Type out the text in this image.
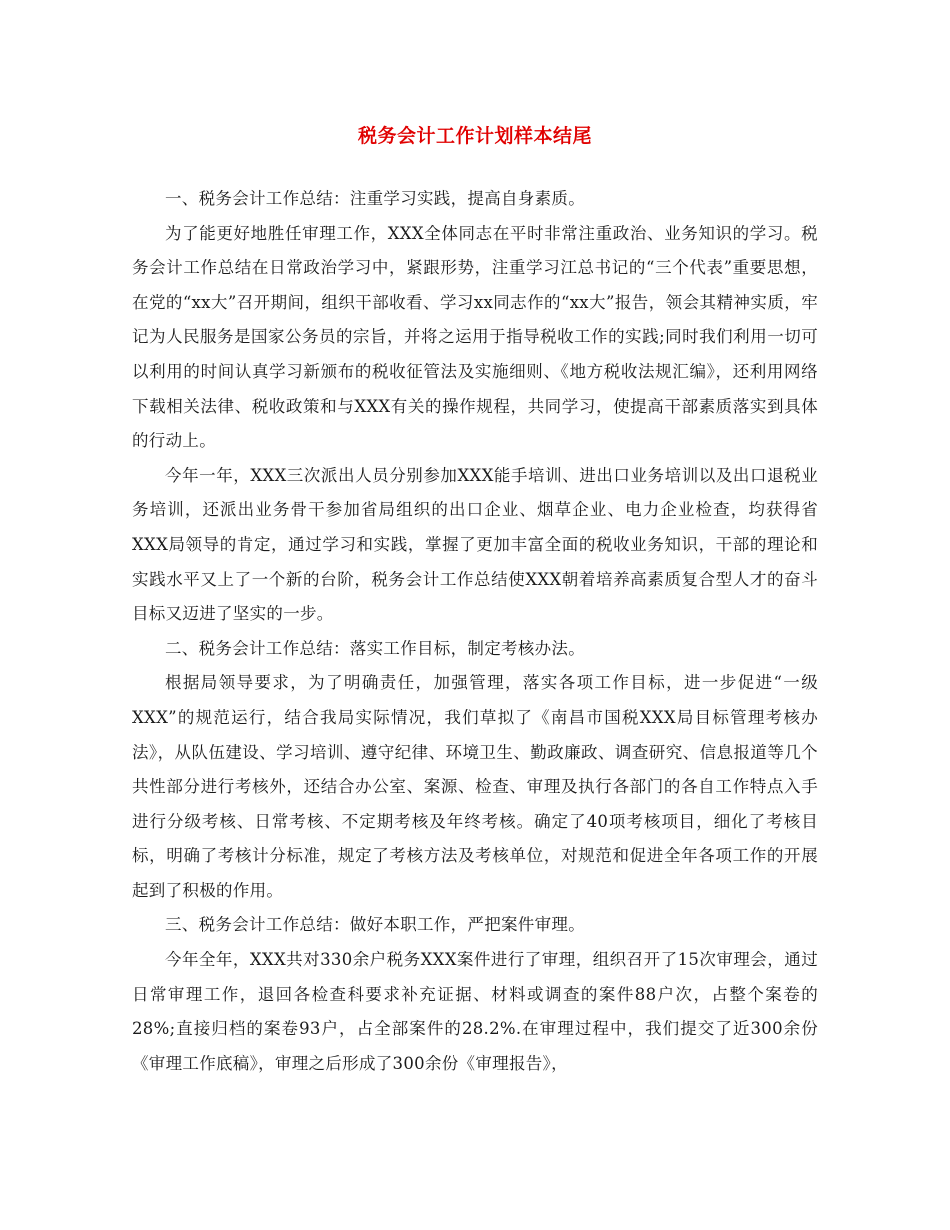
税务会计工作计划样本结尾

一、税务会计工作总结：注重学习实践，提高自身素质。

为了能更好地胜任审理工作，XXX全体同志在平时非常注重政治、业务知识的学习。税务会计工作总结在日常政治学习中，紧跟形势，注重学习江总书记的“三个代表”重要思想，在党的“xx大”召开期间，组织干部收看、学习xx同志作的“xx大”报告，领会其精神实质，牢记为人民服务是国家公务员的宗旨，并将之运用于指导税收工作的实践;同时我们利用一切可以利用的时间认真学习新颁布的税收征管法及实施细则、《地方税收法规汇编》，还利用网络下载相关法律、税收政策和与XXX有关的操作规程，共同学习，使提高干部素质落实到具体的行动上。

今年一年，XXX三次派出人员分别参加XXX能手培训、进出口业务培训以及出口退税业务培训，还派出业务骨干参加省局组织的出口企业、烟草企业、电力企业检查，均获得省XXX局领导的肯定，通过学习和实践，掌握了更加丰富全面的税收业务知识，干部的理论和实践水平又上了一个新的台阶，税务会计工作总结使XXX朝着培养高素质复合型人才的奋斗目标又迈进了坚实的一步。

二、税务会计工作总结：落实工作目标，制定考核办法。

根据局领导要求，为了明确责任，加强管理，落实各项工作目标，进一步促进“一级XXX”的规范运行，结合我局实际情况，我们草拟了《南昌市国税XXX局目标管理考核办法》，从队伍建设、学习培训、遵守纪律、环境卫生、勤政廉政、调查研究、信息报道等几个共性部分进行考核外，还结合办公室、案源、检查、审理及执行各部门的各自工作特点入手进行分级考核、日常考核、不定期考核及年终考核。确定了40项考核项目，细化了考核目标，明确了考核计分标准，规定了考核方法及考核单位，对规范和促进全年各项工作的开展起到了积极的作用。

三、税务会计工作总结：做好本职工作，严把案件审理。

今年全年，XXX共对330余户税务XXX案件进行了审理，组织召开了15次审理会，通过日常审理工作，退回各检查科要求补充证据、材料或调查的案件88户次，占整个案卷的28%;直接归档的案卷93户，占全部案件的28.2%.在审理过程中，我们提交了近300余份《审理工作底稿》，审理之后形成了300余份《审理报告》，
